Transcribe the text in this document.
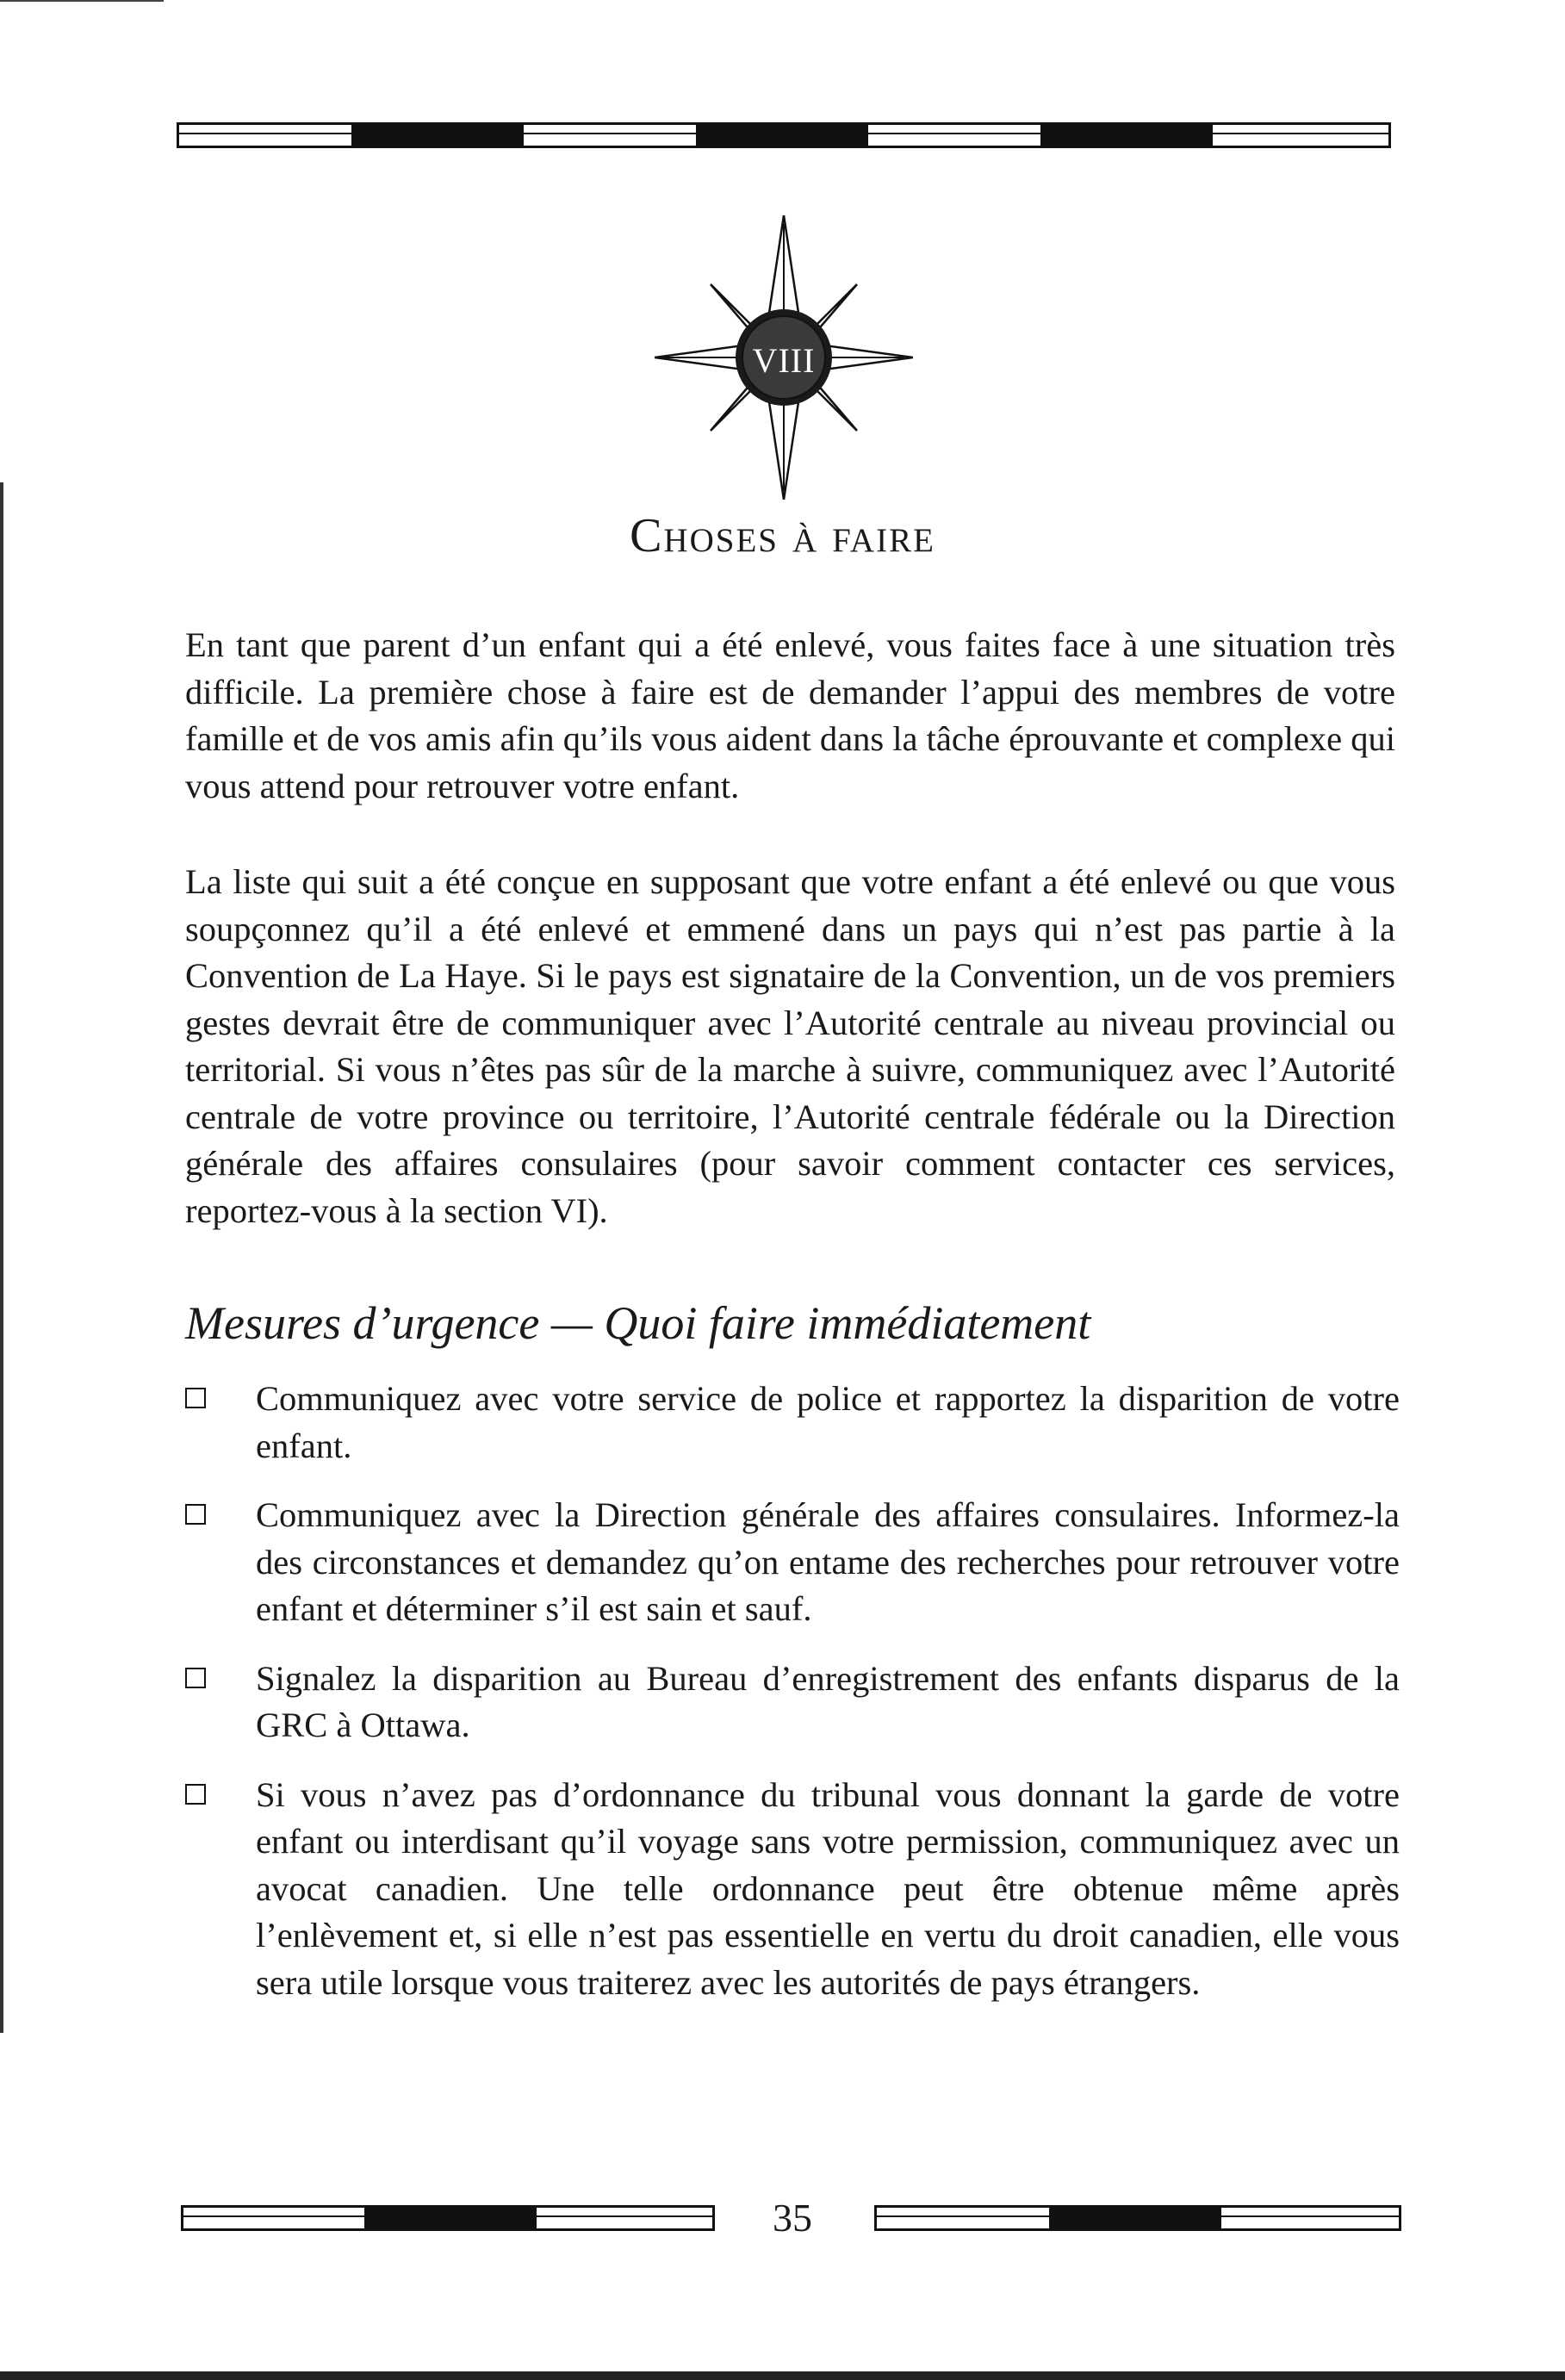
VIII
Choses à faire

En tant que parent d’un enfant qui a été enlevé, vous faites face à une situation très difficile. La première chose à faire est de demander l’appui des membres de votre famille et de vos amis afin qu’ils vous aident dans la tâche éprouvante et complexe qui vous attend pour retrouver votre enfant.

La liste qui suit a été conçue en supposant que votre enfant a été enlevé ou que vous soupçonnez qu’il a été enlevé et emmené dans un pays qui n’est pas partie à la Convention de La Haye. Si le pays est signataire de la Convention, un de vos premiers gestes devrait être de communiquer avec l’Autorité centrale au niveau provincial ou territorial. Si vous n’êtes pas sûr de la marche à suivre, communiquez avec l’Autorité centrale de votre province ou territoire, l’Autorité centrale fédérale ou la Direction générale des affaires consulaires (pour savoir comment contacter ces services, reportez-vous à la section VI).

Mesures d’urgence — Quoi faire immédiatement
Communiquez avec votre service de police et rapportez la disparition de votre enfant.
Communiquez avec la Direction générale des affaires consulaires. Informez-la des circonstances et demandez qu’on entame des recherches pour retrouver votre enfant et déterminer s’il est sain et sauf.
Signalez la disparition au Bureau d’enregistrement des enfants disparus de la GRC à Ottawa.
Si vous n’avez pas d’ordonnance du tribunal vous donnant la garde de votre enfant ou interdisant qu’il voyage sans votre permission, communiquez avec un avocat canadien. Une telle ordonnance peut être obtenue même après l’enlèvement et, si elle n’est pas essentielle en vertu du droit canadien, elle vous sera utile lorsque vous traiterez avec les autorités de pays étrangers.

35
